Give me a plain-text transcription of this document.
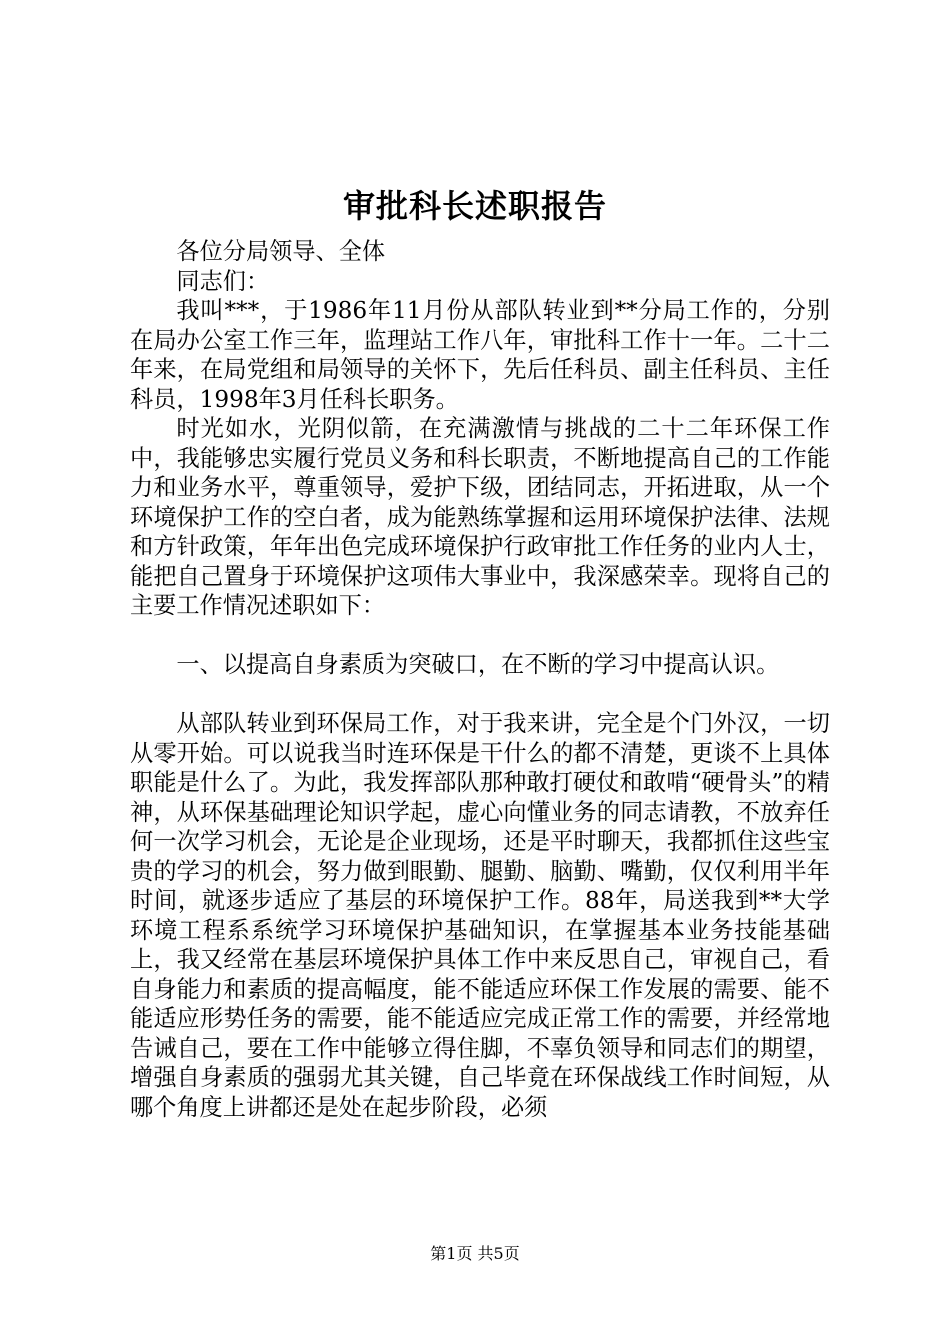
审批科长述职报告

各位分局领导、全体

同志们：

我叫***，于1986年11月份从部队转业到**分局工作的，分别在局办公室工作三年，监理站工作八年，审批科工作十一年。二十二年来，在局党组和局领导的关怀下，先后任科员、副主任科员、主任科员，1998年3月任科长职务。

时光如水，光阴似箭，在充满激情与挑战的二十二年环保工作中，我能够忠实履行党员义务和科长职责，不断地提高自己的工作能力和业务水平，尊重领导，爱护下级，团结同志，开拓进取，从一个环境保护工作的空白者，成为能熟练掌握和运用环境保护法律、法规和方针政策，年年出色完成环境保护行政审批工作任务的业内人士，能把自己置身于环境保护这项伟大事业中，我深感荣幸。现将自己的主要工作情况述职如下：

一、以提高自身素质为突破口，在不断的学习中提高认识。

从部队转业到环保局工作，对于我来讲，完全是个门外汉，一切从零开始。可以说我当时连环保是干什么的都不清楚，更谈不上具体职能是什么了。为此，我发挥部队那种敢打硬仗和敢啃“硬骨头”的精神，从环保基础理论知识学起，虚心向懂业务的同志请教，不放弃任何一次学习机会，无论是企业现场，还是平时聊天，我都抓住这些宝贵的学习的机会，努力做到眼勤、腿勤、脑勤、嘴勤，仅仅利用半年时间，就逐步适应了基层的环境保护工作。88年，局送我到**大学环境工程系系统学习环境保护基础知识，在掌握基本业务技能基础上，我又经常在基层环境保护具体工作中来反思自己，审视自己，看自身能力和素质的提高幅度，能不能适应环保工作发展的需要、能不能适应形势任务的需要，能不能适应完成正常工作的需要，并经常地告诫自己，要在工作中能够立得住脚，不辜负领导和同志们的期望，增强自身素质的强弱尤其关键，自己毕竟在环保战线工作时间短，从哪个角度上讲都还是处在起步阶段，必须

第1页 共5页
